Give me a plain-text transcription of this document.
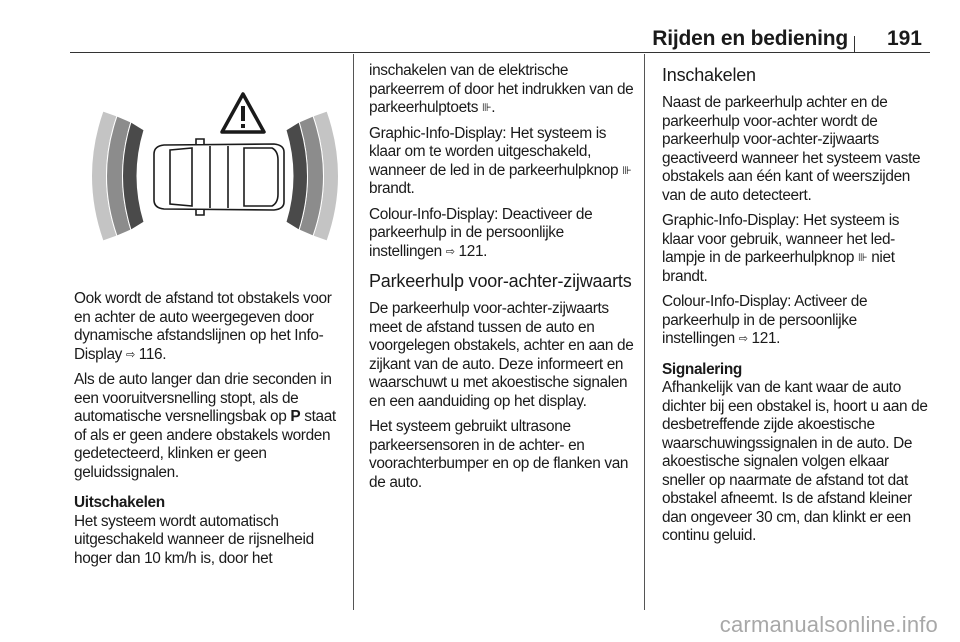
Rijden en bediening 191

Ook wordt de afstand tot obstakels voor en achter de auto weergegeven door dynamische afstandslijnen op het Info-Display ⇨ 116.

Als de auto langer dan drie seconden in een vooruitversnelling stopt, als de automatische versnellingsbak op P staat of als er geen andere obstakels worden gedetecteerd, klinken er geen geluidssignalen.

Uitschakelen

Het systeem wordt automatisch uitgeschakeld wanneer de rijsnelheid hoger dan 10 km/h is, door het

inschakelen van de elektrische parkeerrem of door het indrukken van de parkeerhulptoets ⊪.

Graphic-Info-Display: Het systeem is klaar om te worden uitgeschakeld, wanneer de led in de parkeerhulpknop ⊪ brandt.

Colour-Info-Display: Deactiveer de parkeerhulp in de persoonlijke instellingen ⇨ 121.

Parkeerhulp voor-achter-zijwaarts

De parkeerhulp voor-achter-zijwaarts meet de afstand tussen de auto en voorgelegen obstakels, achter en aan de zijkant van de auto. Deze informeert en waarschuwt u met akoestische signalen en een aanduiding op het display.

Het systeem gebruikt ultrasone parkeersensoren in de achter- en voorachterbumper en op de flanken van de auto.

Inschakelen

Naast de parkeerhulp achter en de parkeerhulp voor-achter wordt de parkeerhulp voor-achter-zijwaarts geactiveerd wanneer het systeem vaste obstakels aan één kant of weerszijden van de auto detecteert.

Graphic-Info-Display: Het systeem is klaar voor gebruik, wanneer het led-lampje in de parkeerhulpknop ⊪ niet brandt.

Colour-Info-Display: Activeer de parkeerhulp in de persoonlijke instellingen ⇨ 121.

Signalering

Afhankelijk van de kant waar de auto dichter bij een obstakel is, hoort u aan de desbetreffende zijde akoestische waarschuwingssignalen in de auto. De akoestische signalen volgen elkaar sneller op naarmate de afstand tot dat obstakel afneemt. Is de afstand kleiner dan ongeveer 30 cm, dan klinkt er een continu geluid.

carmanualsonline.info
